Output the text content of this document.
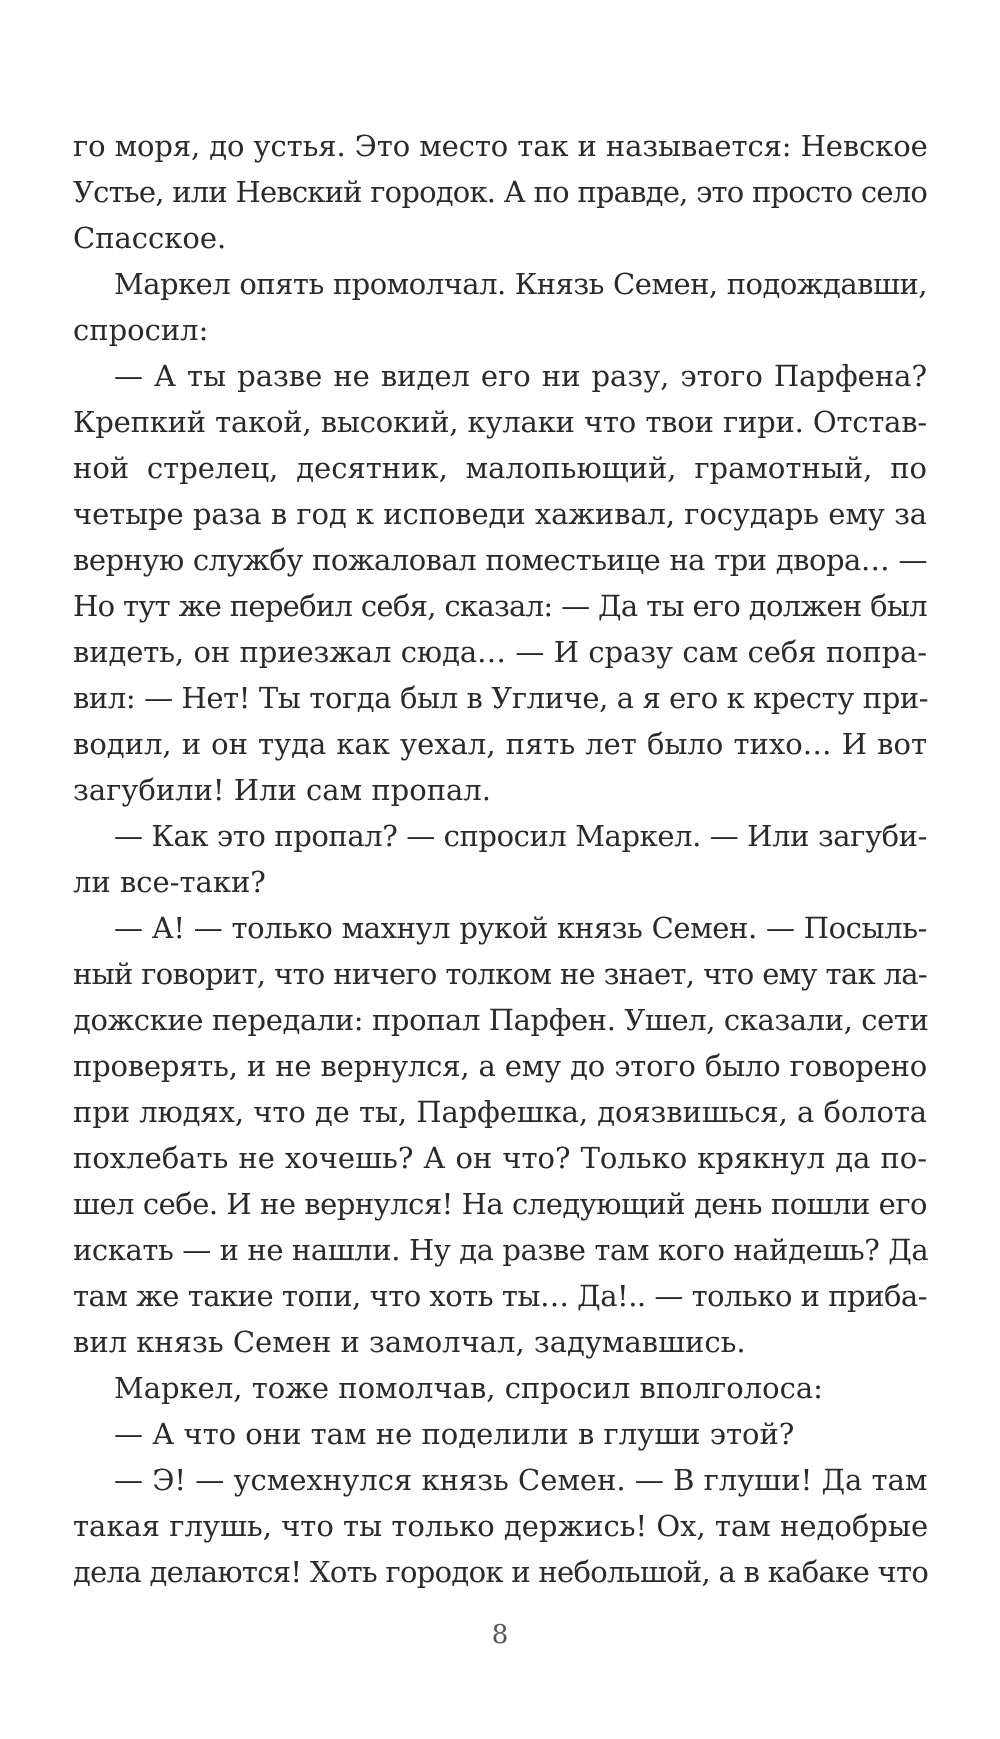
го моря, до устья. Это место так и называется: Невское
Устье, или Невский городок. А по правде, это просто село
Спасское.
Маркел опять промолчал. Князь Семен, подождавши,
спросил:
— А ты разве не видел его ни разу, этого Парфена?
Крепкий такой, высокий, кулаки что твои гири. Отстав-
ной стрелец, десятник, малопьющий, грамотный, по
четыре раза в год к исповеди хаживал, государь ему за
верную службу пожаловал поместьице на три двора… —
Но тут же перебил себя, сказал: — Да ты его должен был
видеть, он приезжал сюда… — И сразу сам себя попра-
вил: — Нет! Ты тогда был в Угличе, а я его к кресту при-
водил, и он туда как уехал, пять лет было тихо… И вот
загубили! Или сам пропал.
— Как это пропал? — спросил Маркел. — Или загуби-
ли все-таки?
— А! — только махнул рукой князь Семен. — Посыль-
ный говорит, что ничего толком не знает, что ему так ла-
дожские передали: пропал Парфен. Ушел, сказали, сети
проверять, и не вернулся, а ему до этого было говорено
при людях, что де ты, Парфешка, доязвишься, а болота
похлебать не хочешь? А он что? Только крякнул да по-
шел себе. И не вернулся! На следующий день пошли его
искать — и не нашли. Ну да разве там кого найдешь? Да
там же такие топи, что хоть ты… Да!.. — только и приба-
вил князь Семен и замолчал, задумавшись.
Маркел, тоже помолчав, спросил вполголоса:
— А что они там не поделили в глуши этой?
— Э! — усмехнулся князь Семен. — В глуши! Да там
такая глушь, что ты только держись! Ох, там недобрые
дела делаются! Хоть городок и небольшой, а в кабаке что
8
